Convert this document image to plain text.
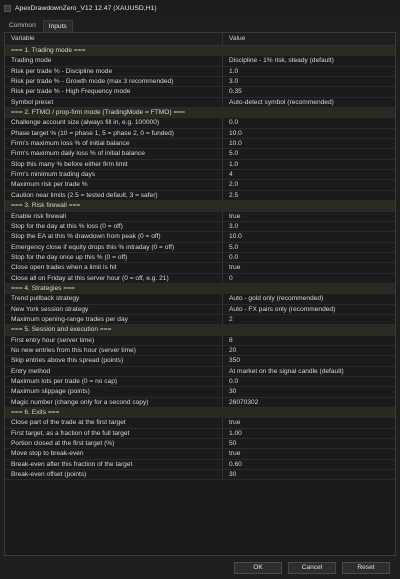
ApexDrawdownZero_V12 12.47 (XAUUSD,H1)
Common	Inputs
Variable	Value
=== 1. Trading mode ===
Trading mode	Discipline - 1% risk, steady (default)
Risk per trade % - Discipline mode	1.0
Risk per trade % - Growth mode (max 3 recommended)	3.0
Risk per trade % - High Frequency mode	0.35
Symbol preset	Auto-detect symbol (recommended)
=== 2. FTMO / prop-firm mode (TradingMode = FTMO) ===
Challenge account size (always fill in, e.g. 100000)	0.0
Phase target % (10 = phase 1, 5 = phase 2, 0 = funded)	10.0
Firm's maximum loss % of initial balance	10.0
Firm's maximum daily loss % of initial balance	5.0
Stop this many % before either firm limit	1.0
Firm's minimum trading days	4
Maximum risk per trade %	2.0
Caution near limits (2.5 = tested default, 3 = safer)	2.5
=== 3. Risk firewall ===
Enable risk firewall	true
Stop for the day at this % loss (0 = off)	3.0
Stop the EA at this % drawdown from peak (0 = off)	10.0
Emergency close if equity drops this % intraday (0 = off)	5.0
Stop for the day once up this % (0 = off)	0.0
Close open trades when a limit is hit	true
Close all on Friday at this server hour (0 = off, e.g. 21)	0
=== 4. Strategies ===
Trend pullback strategy	Auto - gold only (recommended)
New York session strategy	Auto - FX pairs only (recommended)
Maximum opening-range trades per day	2
=== 5. Session and execution ===
First entry hour (server time)	8
No new entries from this hour (server time)	20
Skip entries above this spread (points)	350
Entry method	At market on the signal candle (default)
Maximum lots per trade (0 = no cap)	0.0
Maximum slippage (points)	30
Magic number (change only for a second copy)	26070302
=== 6. Exits ===
Close part of the trade at the first target	true
First target, as a fraction of the full target	1.00
Portion closed at the first target (%)	50
Move stop to break-even	true
Break-even after this fraction of the target	0.60
Break-even offset (points)	30
OK	Cancel	Reset
